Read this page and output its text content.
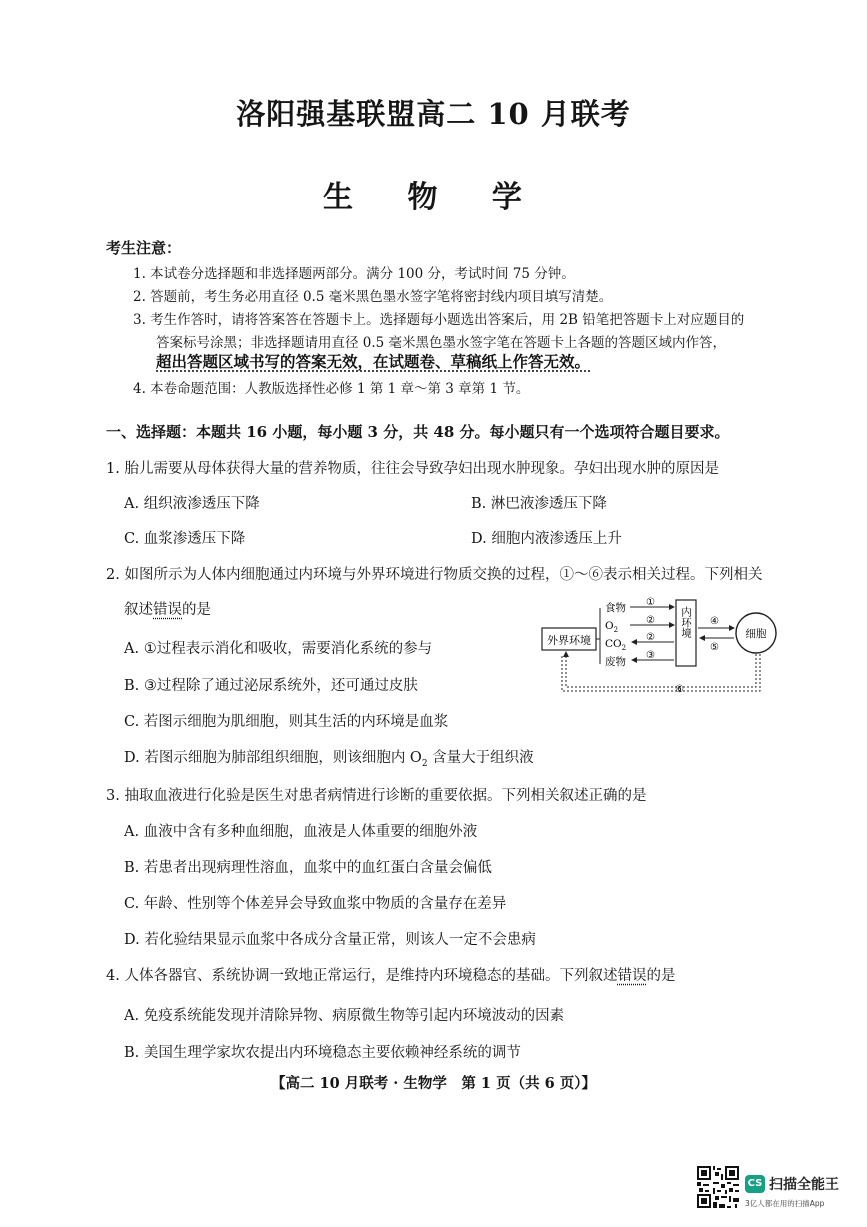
洛阳强基联盟高二 10 月联考
生 物 学
考生注意：
1. 本试卷分选择题和非选择题两部分。满分 100 分，考试时间 75 分钟。
2. 答题前，考生务必用直径 0.5 毫米黑色墨水签字笔将密封线内项目填写清楚。
3. 考生作答时，请将答案答在答题卡上。选择题每小题选出答案后，用 2B 铅笔把答题卡上对应题目的
答案标号涂黑；非选择题请用直径 0.5 毫米黑色墨水签字笔在答题卡上各题的答题区域内作答，
超出答题区域书写的答案无效，在试题卷、草稿纸上作答无效。
4. 本卷命题范围：人教版选择性必修 1 第 1 章～第 3 章第 1 节。
一、选择题：本题共 16 小题，每小题 3 分，共 48 分。每小题只有一个选项符合题目要求。
1. 胎儿需要从母体获得大量的营养物质，往往会导致孕妇出现水肿现象。孕妇出现水肿的原因是
A. 组织液渗透压下降	B. 淋巴液渗透压下降
C. 血浆渗透压下降	D. 细胞内液渗透压上升
2. 如图所示为人体内细胞通过内环境与外界环境进行物质交换的过程，①～⑥表示相关过程。下列相关
叙述错误的是
A. ①过程表示消化和吸收，需要消化系统的参与
B. ③过程除了通过泌尿系统外，还可通过皮肤
C. 若图示细胞为肌细胞，则其生活的内环境是血浆
D. 若图示细胞为肺部组织细胞，则该细胞内 $O_2$ 含量大于组织液
外界环境
内环境	细胞
食物 ①
$O_2$
②
$CO_2$
②
废物
③
④
⑤
⑥
3. 抽取血液进行化验是医生对患者病情进行诊断的重要依据。下列相关叙述正确的是
A. 血液中含有多种血细胞，血液是人体重要的细胞外液
B. 若患者出现病理性溶血，血浆中的血红蛋白含量会偏低
C. 年龄、性别等个体差异会导致血浆中物质的含量存在差异
D. 若化验结果显示血浆中各成分含量正常，则该人一定不会患病
4. 人体各器官、系统协调一致地正常运行，是维持内环境稳态的基础。下列叙述错误的是
A. 免疫系统能发现并清除异物、病原微生物等引起内环境波动的因素
B. 美国生理学家坎农提出内环境稳态主要依赖神经系统的调节
【高二 10 月联考 · 生物学　第 1 页（共 6 页）】
CS 扫描全能王
3亿人都在用的扫描App
